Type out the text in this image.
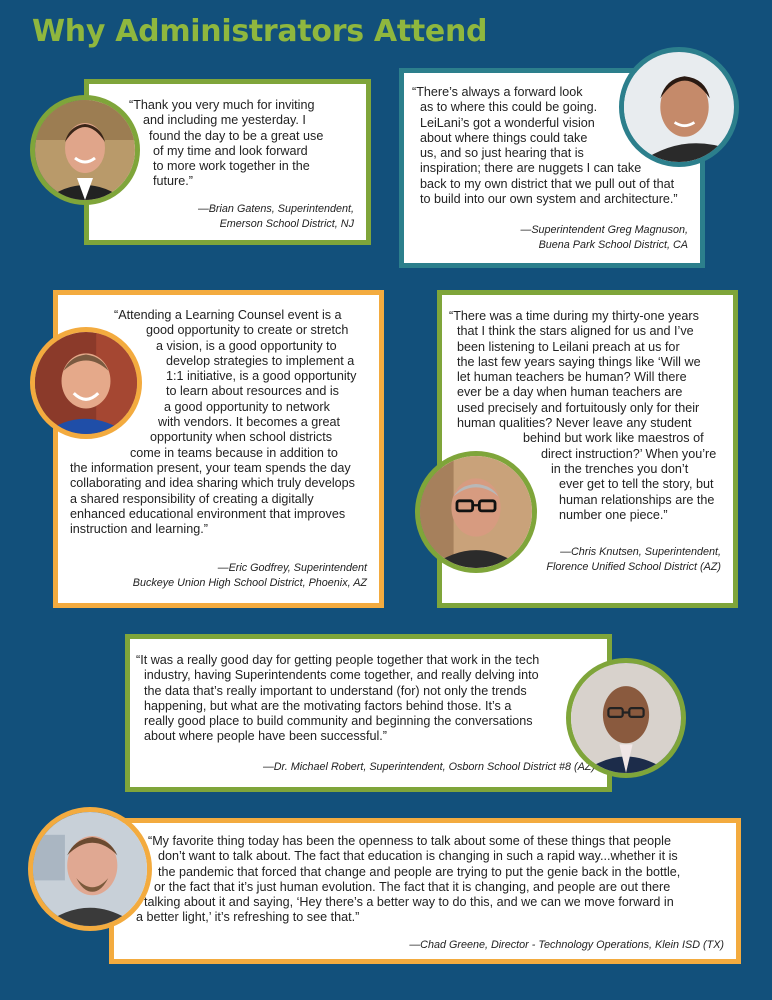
Why Administrators Attend
“Thank you very much for inviting
and including me yesterday. I
found the day to be a great use
of my time and look forward
to more work together in the
future.”
—Brian Gatens, Superintendent,
Emerson School District, NJ
“There’s always a forward look
as to where this could be going.
LeiLani’s got a wonderful vision
about where things could take
us, and so just hearing that is
inspiration; there are nuggets I can take
back to my own district that we pull out of that
to build into our own system and architecture.”
—Superintendent Greg Magnuson,
Buena Park School District, CA
“Attending a Learning Counsel event is a
good opportunity to create or stretch
a vision, is a good opportunity to
develop strategies to implement a
1:1 initiative, is a good opportunity
to learn about resources and is
a good opportunity to network
with vendors. It becomes a great
opportunity when school districts
come in teams because in addition to
the information present, your team spends the day
collaborating and idea sharing which truly develops
a shared responsibility of creating a digitally
enhanced educational environment that improves
instruction and learning.”
—Eric Godfrey, Superintendent
Buckeye Union High School District, Phoenix, AZ
“There was a time during my thirty-one years
that I think the stars aligned for us and I’ve
been listening to Leilani preach at us for
the last few years saying things like ‘Will we
let human teachers be human? Will there
ever be a day when human teachers are
used precisely and fortuitously only for their
human qualities? Never leave any student
behind but work like maestros of
direct instruction?’ When you’re
in the trenches you don’t
ever get to tell the story, but
human relationships are the
number one piece.”
—Chris Knutsen, Superintendent,
Florence Unified School District (AZ)
“It was a really good day for getting people together that work in the tech
industry, having Superintendents come together, and really delving into
the data that’s really important to understand (for) not only the trends
happening, but what are the motivating factors behind those. It’s a
really good place to build community and beginning the conversations
about where people have been successful.”
—Dr. Michael Robert, Superintendent, Osborn School District #8 (AZ)
“My favorite thing today has been the openness to talk about some of these things that people
don’t want to talk about. The fact that education is changing in such a rapid way...whether it is
the pandemic that forced that change and people are trying to put the genie back in the bottle,
or the fact that it’s just human evolution. The fact that it is changing, and people are out there
talking about it and saying, ‘Hey there’s a better way to do this, and we can we move forward in
a better light,’ it’s refreshing to see that.”
—Chad Greene, Director - Technology Operations, Klein ISD (TX)
